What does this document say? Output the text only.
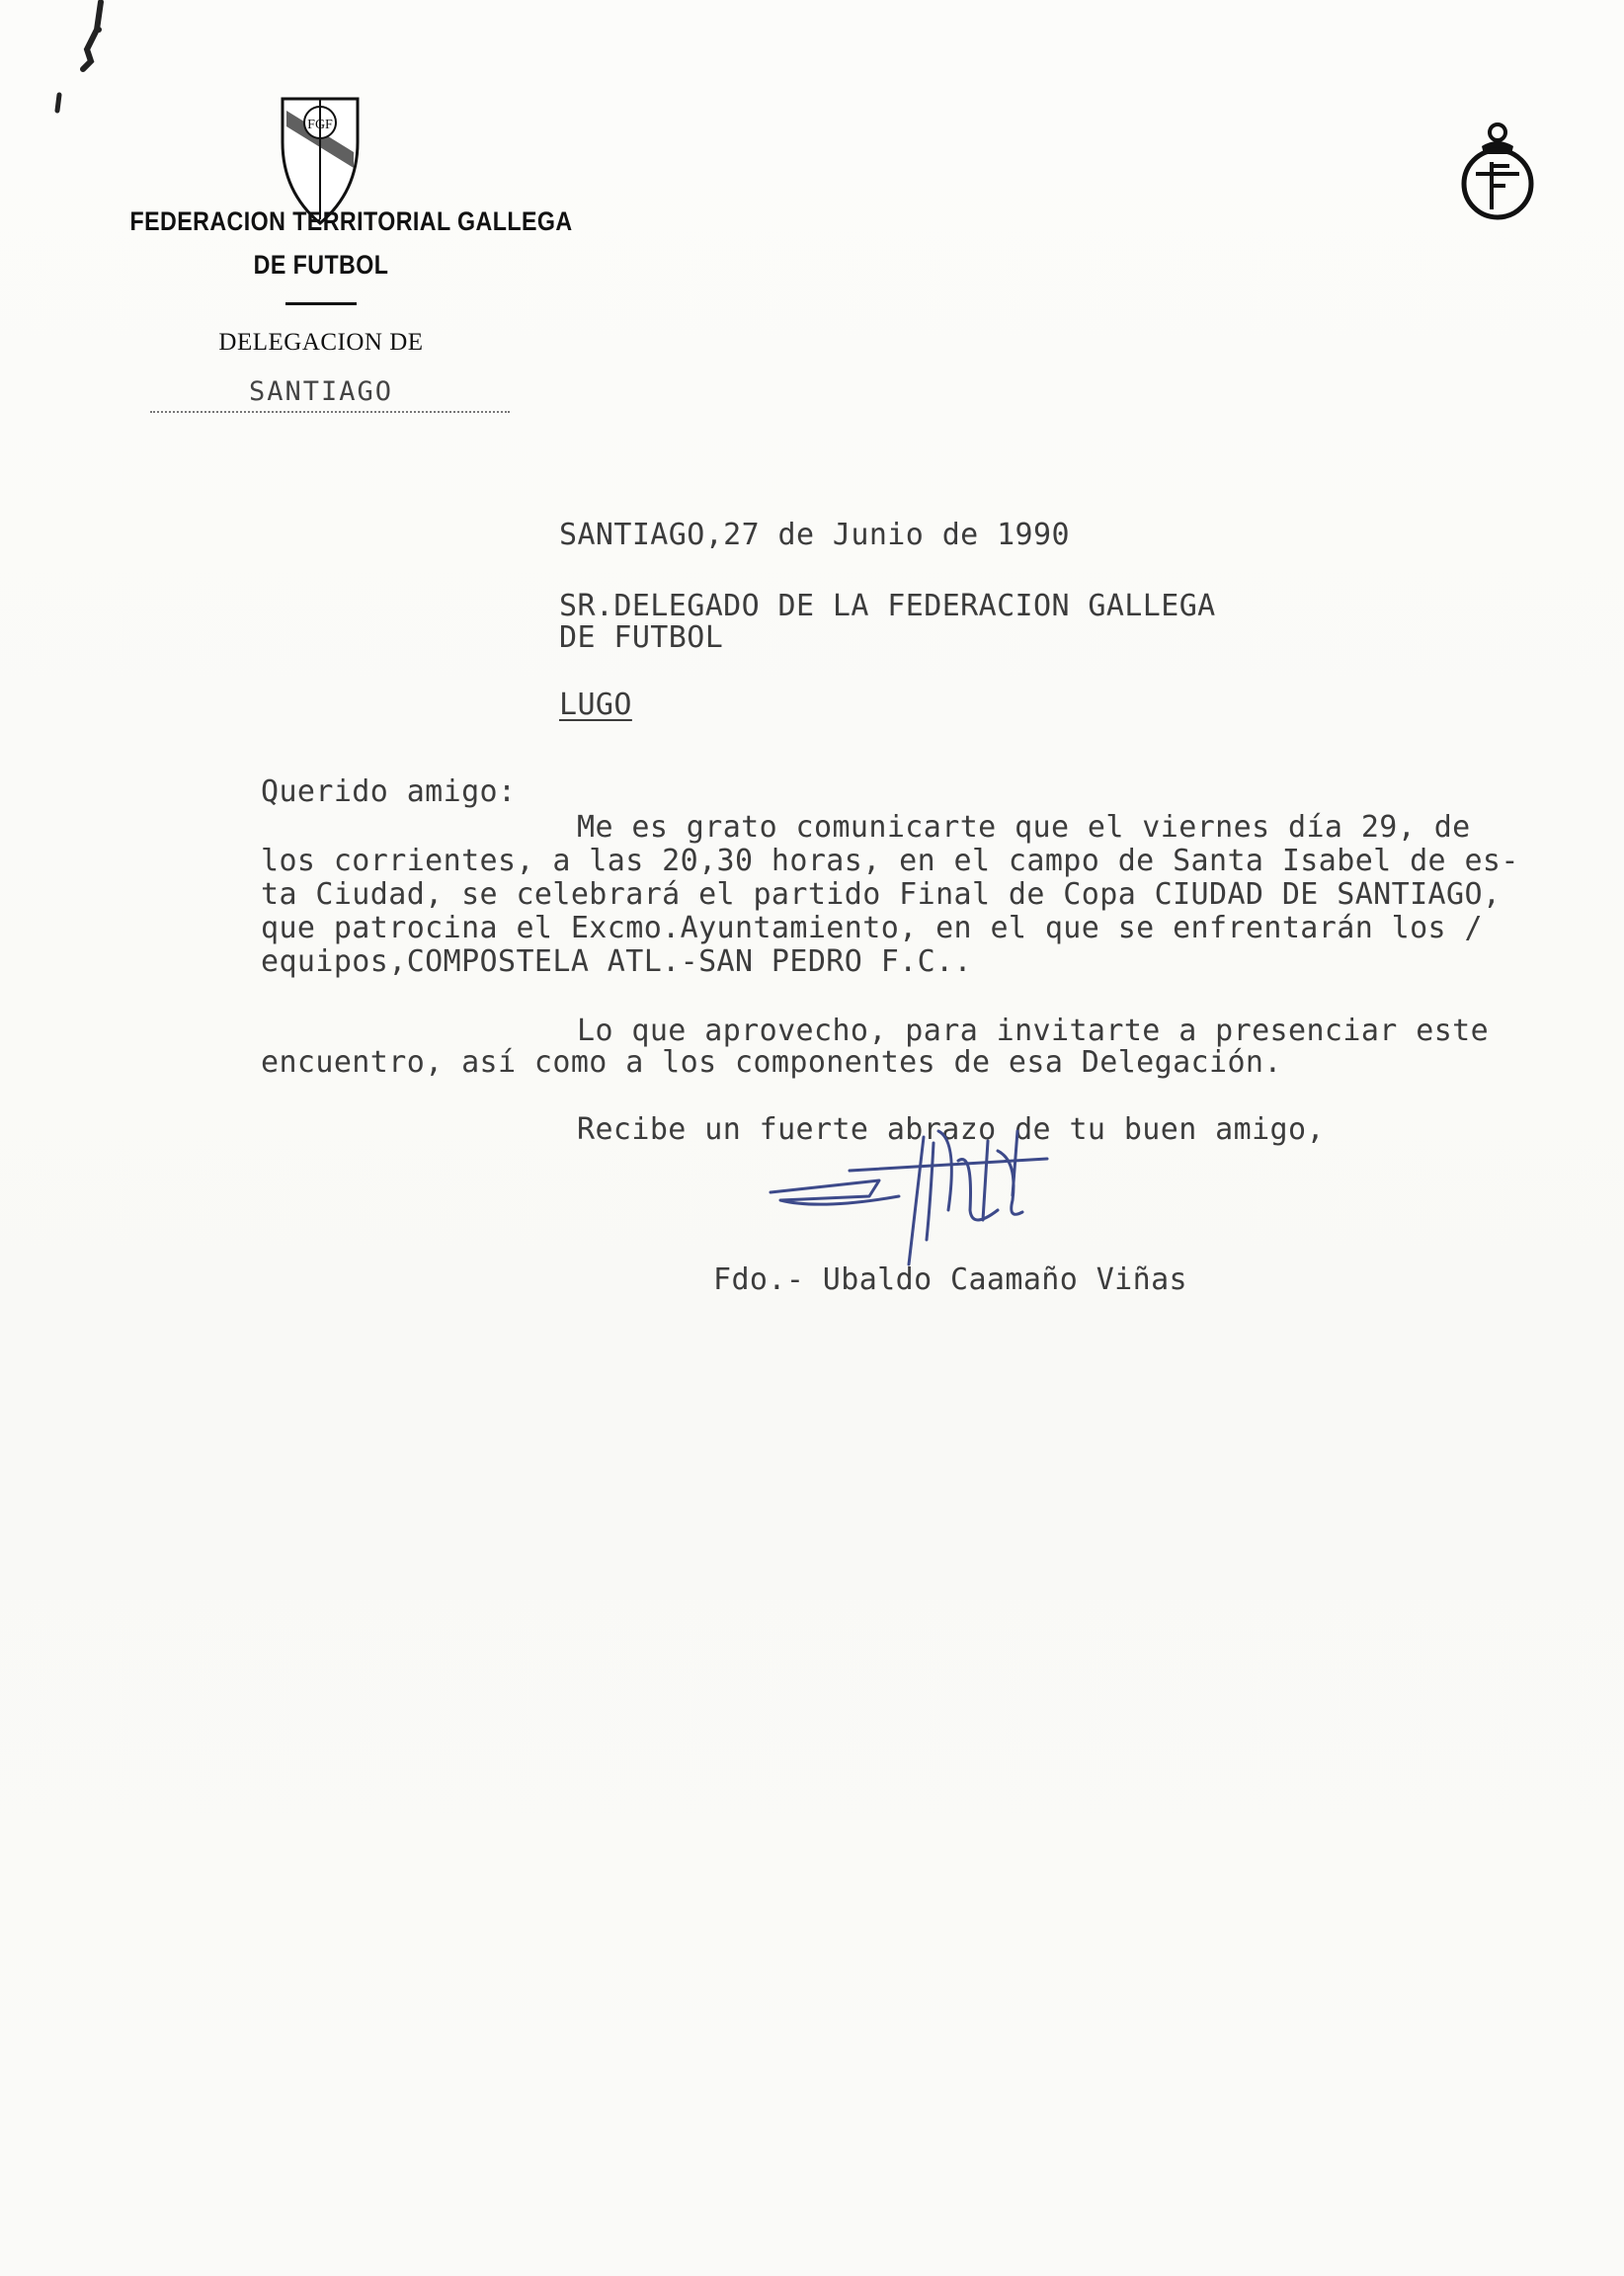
FGF
FEDERACION TERRITORIAL GALLEGA
DE FUTBOL
DELEGACION DE
SANTIAGO
RFEF
SANTIAGO,27 de Junio de 1990
SR.DELEGADO DE LA FEDERACION GALLEGA
DE FUTBOL
LUGO
Querido amigo:
Me es grato comunicarte que el viernes día 29, de
los corrientes, a las 20,30 horas, en el campo de Santa Isabel de es-
ta Ciudad, se celebrará el partido Final de Copa CIUDAD DE SANTIAGO,
que patrocina el Excmo.Ayuntamiento, en el que se enfrentarán los /
equipos,COMPOSTELA ATL.-SAN PEDRO F.C..
Lo que aprovecho, para invitarte a presenciar este
encuentro, así como a los componentes de esa Delegación.
Recibe un fuerte abrazo de tu buen amigo,
Fdo.- Ubaldo Caamaño Viñas
